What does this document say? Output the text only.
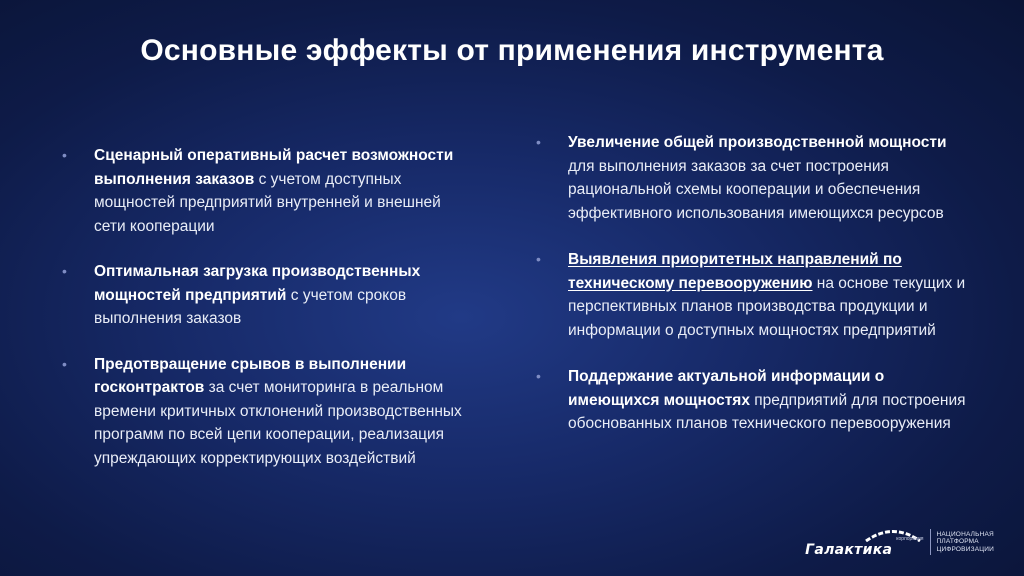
Основные эффекты от применения инструмента
• Сценарный оперативный расчет возможности выполнения заказов с учетом доступных мощностей предприятий внутренней и внешней сети кооперации
• Оптимальная загрузка производственных мощностей предприятий с учетом сроков выполнения заказов
• Предотвращение срывов в выполнении госконтрактов за счет мониторинга в реальном времени критичных отклонений производственных программ по всей цепи кооперации, реализация упреждающих корректирующих воздействий
• Увеличение общей производственной мощности для выполнения заказов за счет построения рациональной схемы кооперации и обеспечения эффективного использования имеющихся ресурсов
• Выявления приоритетных направлений по техническому перевооружению на основе текущих и перспективных планов производства продукции и информации о доступных мощностях предприятий
• Поддержание актуальной информации о имеющихся мощностях предприятий для построения обоснованных планов технического перевооружения
Галактика
корпорация
НАЦИОНАЛЬНАЯ
ПЛАТФОРМА
ЦИФРОВИЗАЦИИ
